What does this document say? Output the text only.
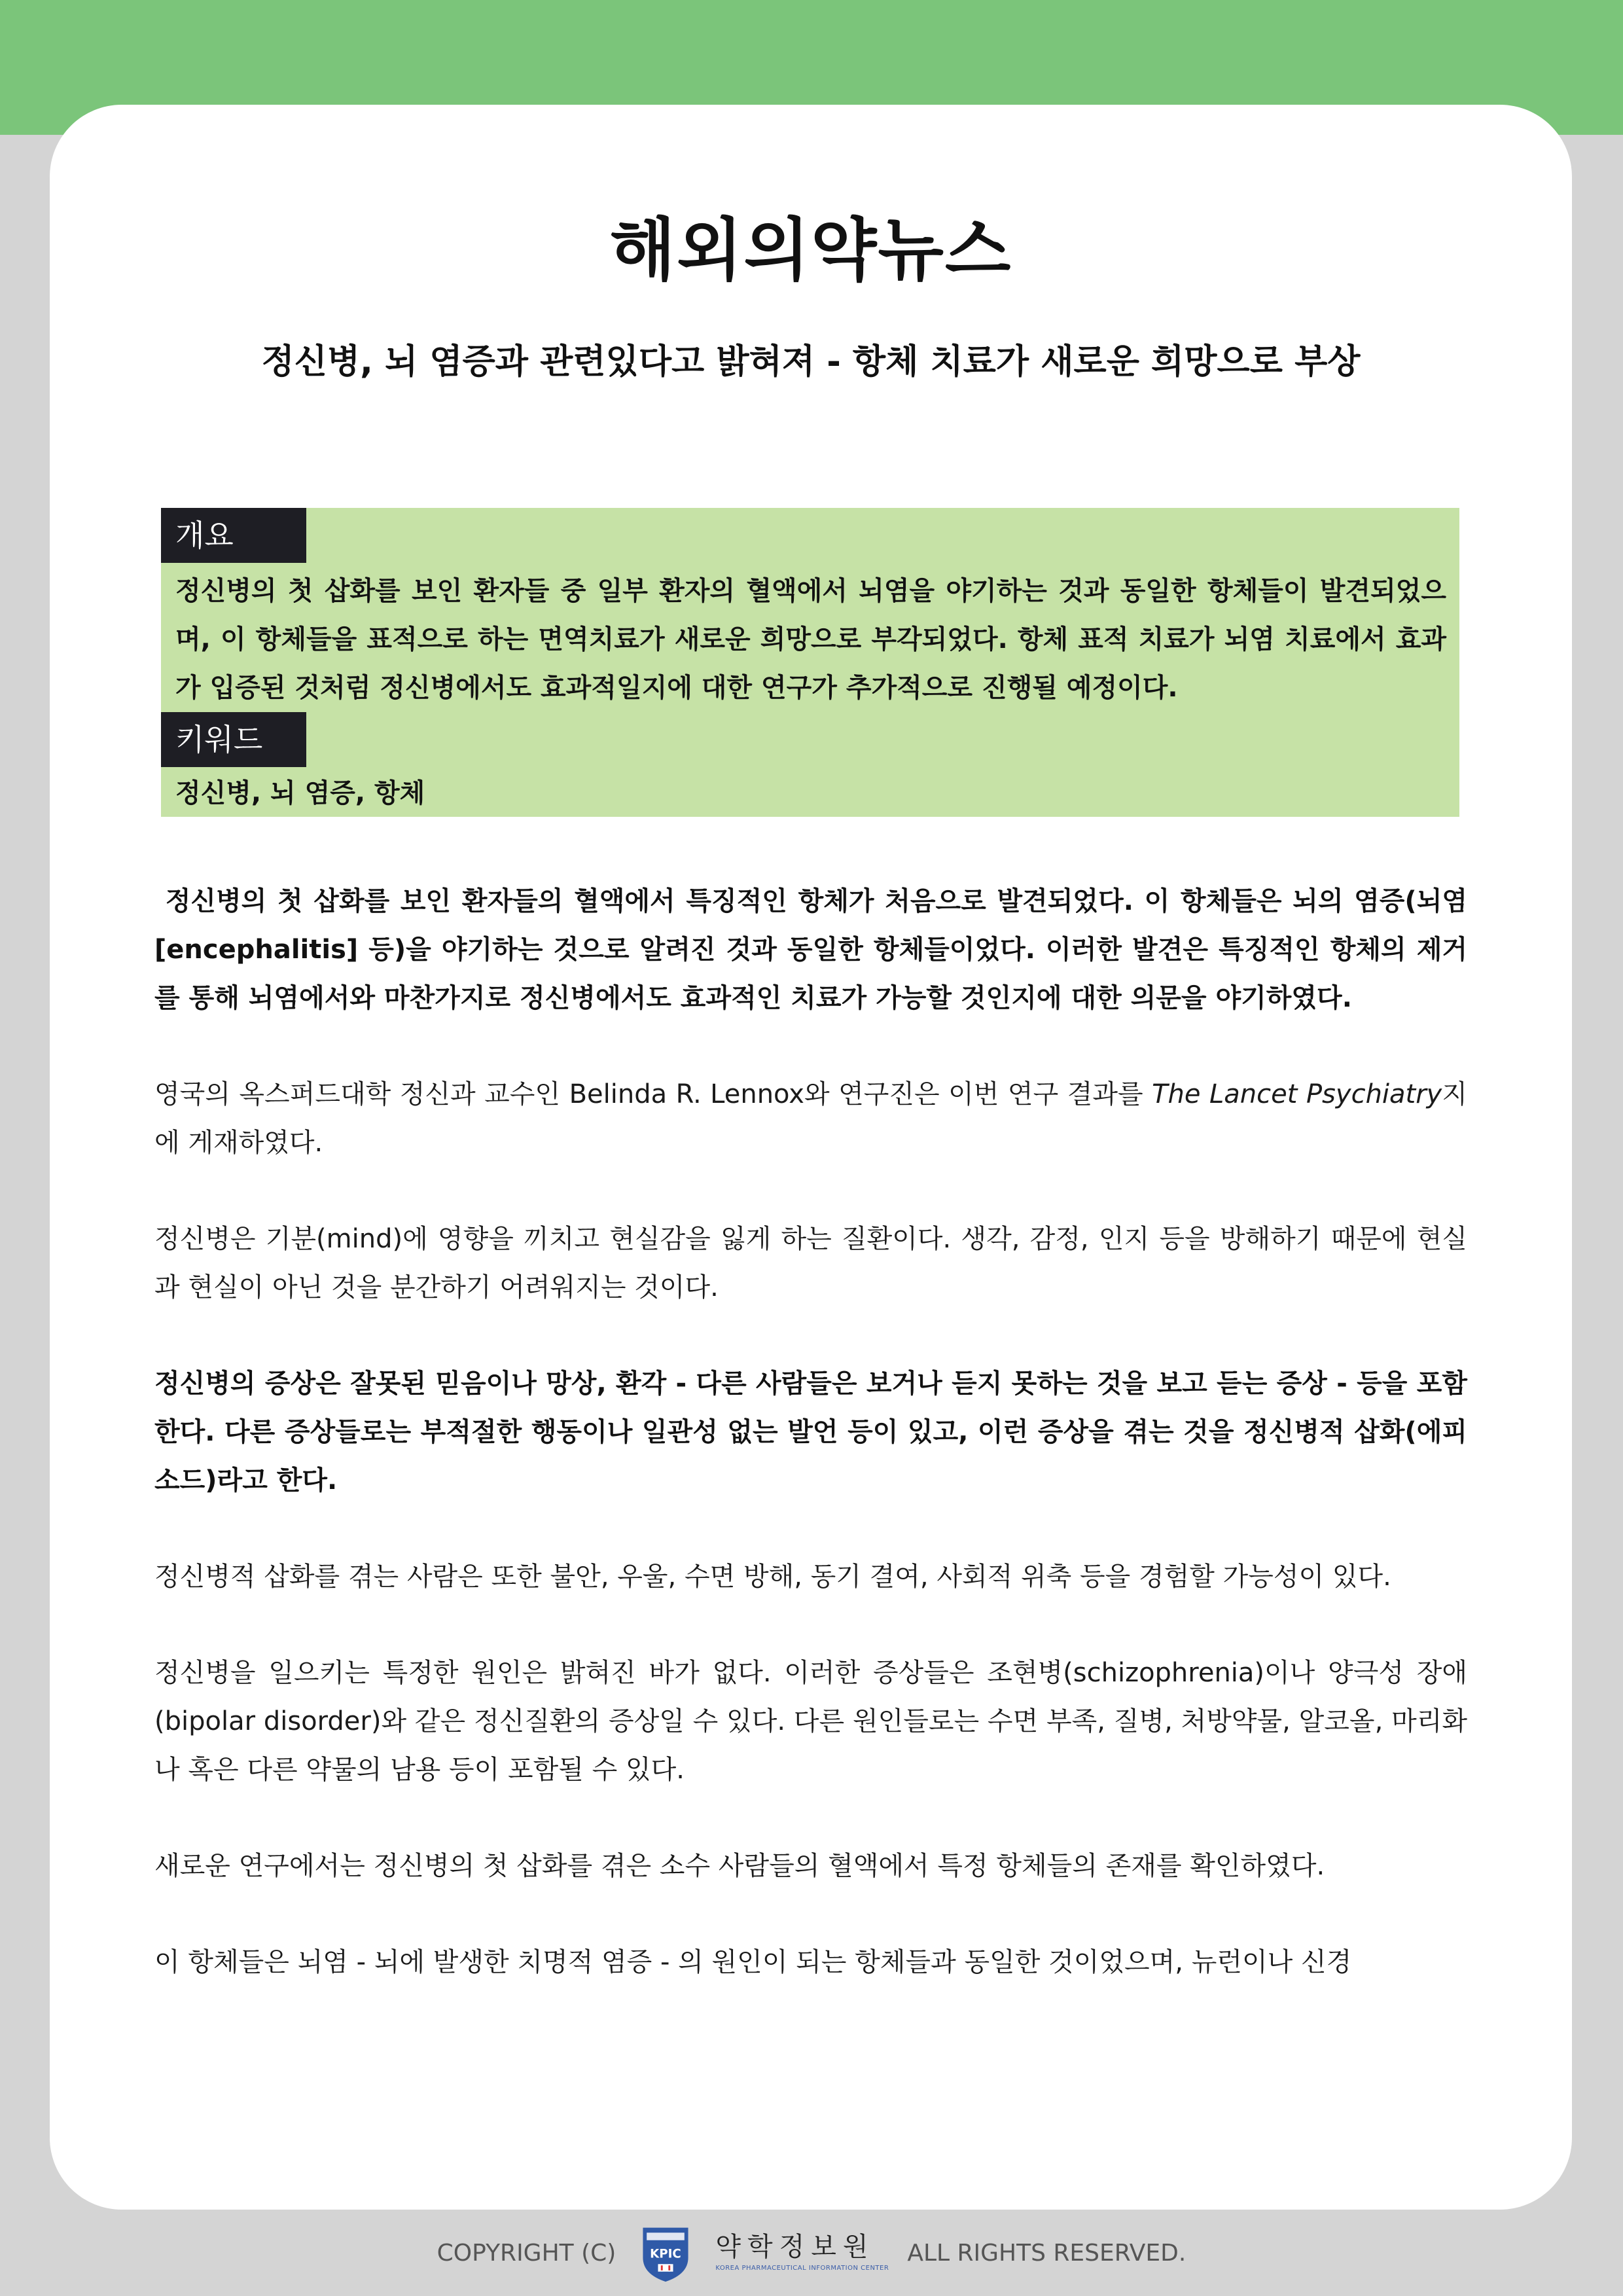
해외의약뉴스
정신병, 뇌 염증과 관련있다고 밝혀져 - 항체 치료가 새로운 희망으로 부상
개요

정신병의 첫 삽화를 보인 환자들 중 일부 환자의 혈액에서 뇌염을 야기하는 것과 동일한 항체들이 발견되었으며, 이 항체들을 표적으로 하는 면역치료가 새로운 희망으로 부각되었다. 항체 표적 치료가 뇌염 치료에서 효과가 입증된 것처럼 정신병에서도 효과적일지에 대한 연구가 추가적으로 진행될 예정이다.

키워드

정신병, 뇌 염증, 항체

정신병의 첫 삽화를 보인 환자들의 혈액에서 특징적인 항체가 처음으로 발견되었다. 이 항체들은 뇌의 염증(뇌염[encephalitis] 등)을 야기하는 것으로 알려진 것과 동일한 항체들이었다. 이러한 발견은 특징적인 항체의 제거를 통해 뇌염에서와 마찬가지로 정신병에서도 효과적인 치료가 가능할 것인지에 대한 의문을 야기하였다.

영국의 옥스퍼드대학 정신과 교수인 Belinda R. Lennox와 연구진은 이번 연구 결과를 The Lancet Psychiatry지에 게재하였다.

정신병은 기분(mind)에 영향을 끼치고 현실감을 잃게 하는 질환이다. 생각, 감정, 인지 등을 방해하기 때문에 현실과 현실이 아닌 것을 분간하기 어려워지는 것이다.

정신병의 증상은 잘못된 믿음이나 망상, 환각 - 다른 사람들은 보거나 듣지 못하는 것을 보고 듣는 증상 - 등을 포함한다. 다른 증상들로는 부적절한 행동이나 일관성 없는 발언 등이 있고, 이런 증상을 겪는 것을 정신병적 삽화(에피소드)라고 한다.

정신병적 삽화를 겪는 사람은 또한 불안, 우울, 수면 방해, 동기 결여, 사회적 위축 등을 경험할 가능성이 있다.

정신병을 일으키는 특정한 원인은 밝혀진 바가 없다. 이러한 증상들은 조현병(schizophrenia)이나 양극성 장애(bipolar disorder)와 같은 정신질환의 증상일 수 있다. 다른 원인들로는 수면 부족, 질병, 처방약물, 알코올, 마리화나 혹은 다른 약물의 남용 등이 포함될 수 있다.

새로운 연구에서는 정신병의 첫 삽화를 겪은 소수 사람들의 혈액에서 특정 항체들의 존재를 확인하였다.

이 항체들은 뇌염 - 뇌에 발생한 치명적 염증 - 의 원인이 되는 항체들과 동일한 것이었으며, 뉴런이나 신경

COPYRIGHT (C)	KPIC 약학정보원
KOREA PHARMACEUTICAL INFORMATION CENTER
ALL RIGHTS RESERVED.
